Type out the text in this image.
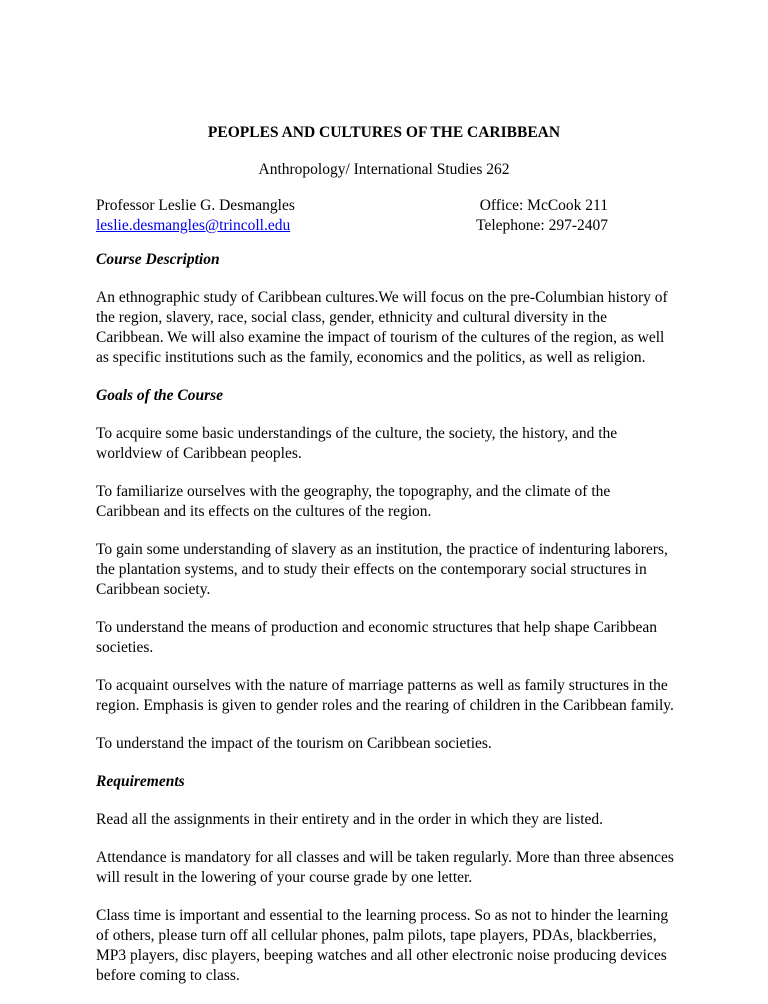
PEOPLES AND CULTURES OF THE CARIBBEAN

Anthropology/ International Studies 262

Professor Leslie G. Desmangles
leslie.desmangles@trincoll.edu
Office: McCook 211
Telephone: 297-2407

Course Description

An ethnographic study of Caribbean cultures.We will focus on the pre-Columbian history of the region, slavery, race, social class, gender, ethnicity and cultural diversity in the Caribbean. We will also examine the impact of tourism of the cultures of the region, as well as specific institutions such as the family, economics and the politics, as well as religion.

Goals of the Course

To acquire some basic understandings of the culture, the society, the history, and the worldview of Caribbean peoples.

To familiarize ourselves with the geography, the topography, and the climate of the Caribbean and its effects on the cultures of the region.

To gain some understanding of slavery as an institution, the practice of indenturing laborers, the plantation systems, and to study their effects on the contemporary social structures in Caribbean society.

To understand the means of production and economic structures that help shape Caribbean societies.

To acquaint ourselves with the nature of marriage patterns as well as family structures in the region. Emphasis is given to gender roles and the rearing of children in the Caribbean family.

To understand the impact of the tourism on Caribbean societies.

Requirements

Read all the assignments in their entirety and in the order in which they are listed.

Attendance is mandatory for all classes and will be taken regularly. More than three absences will result in the lowering of your course grade by one letter.

Class time is important and essential to the learning process. So as not to hinder the learning of others, please turn off all cellular phones, palm pilots, tape players, PDAs, blackberries, MP3 players, disc players, beeping watches and all other electronic noise producing devices before coming to class.
